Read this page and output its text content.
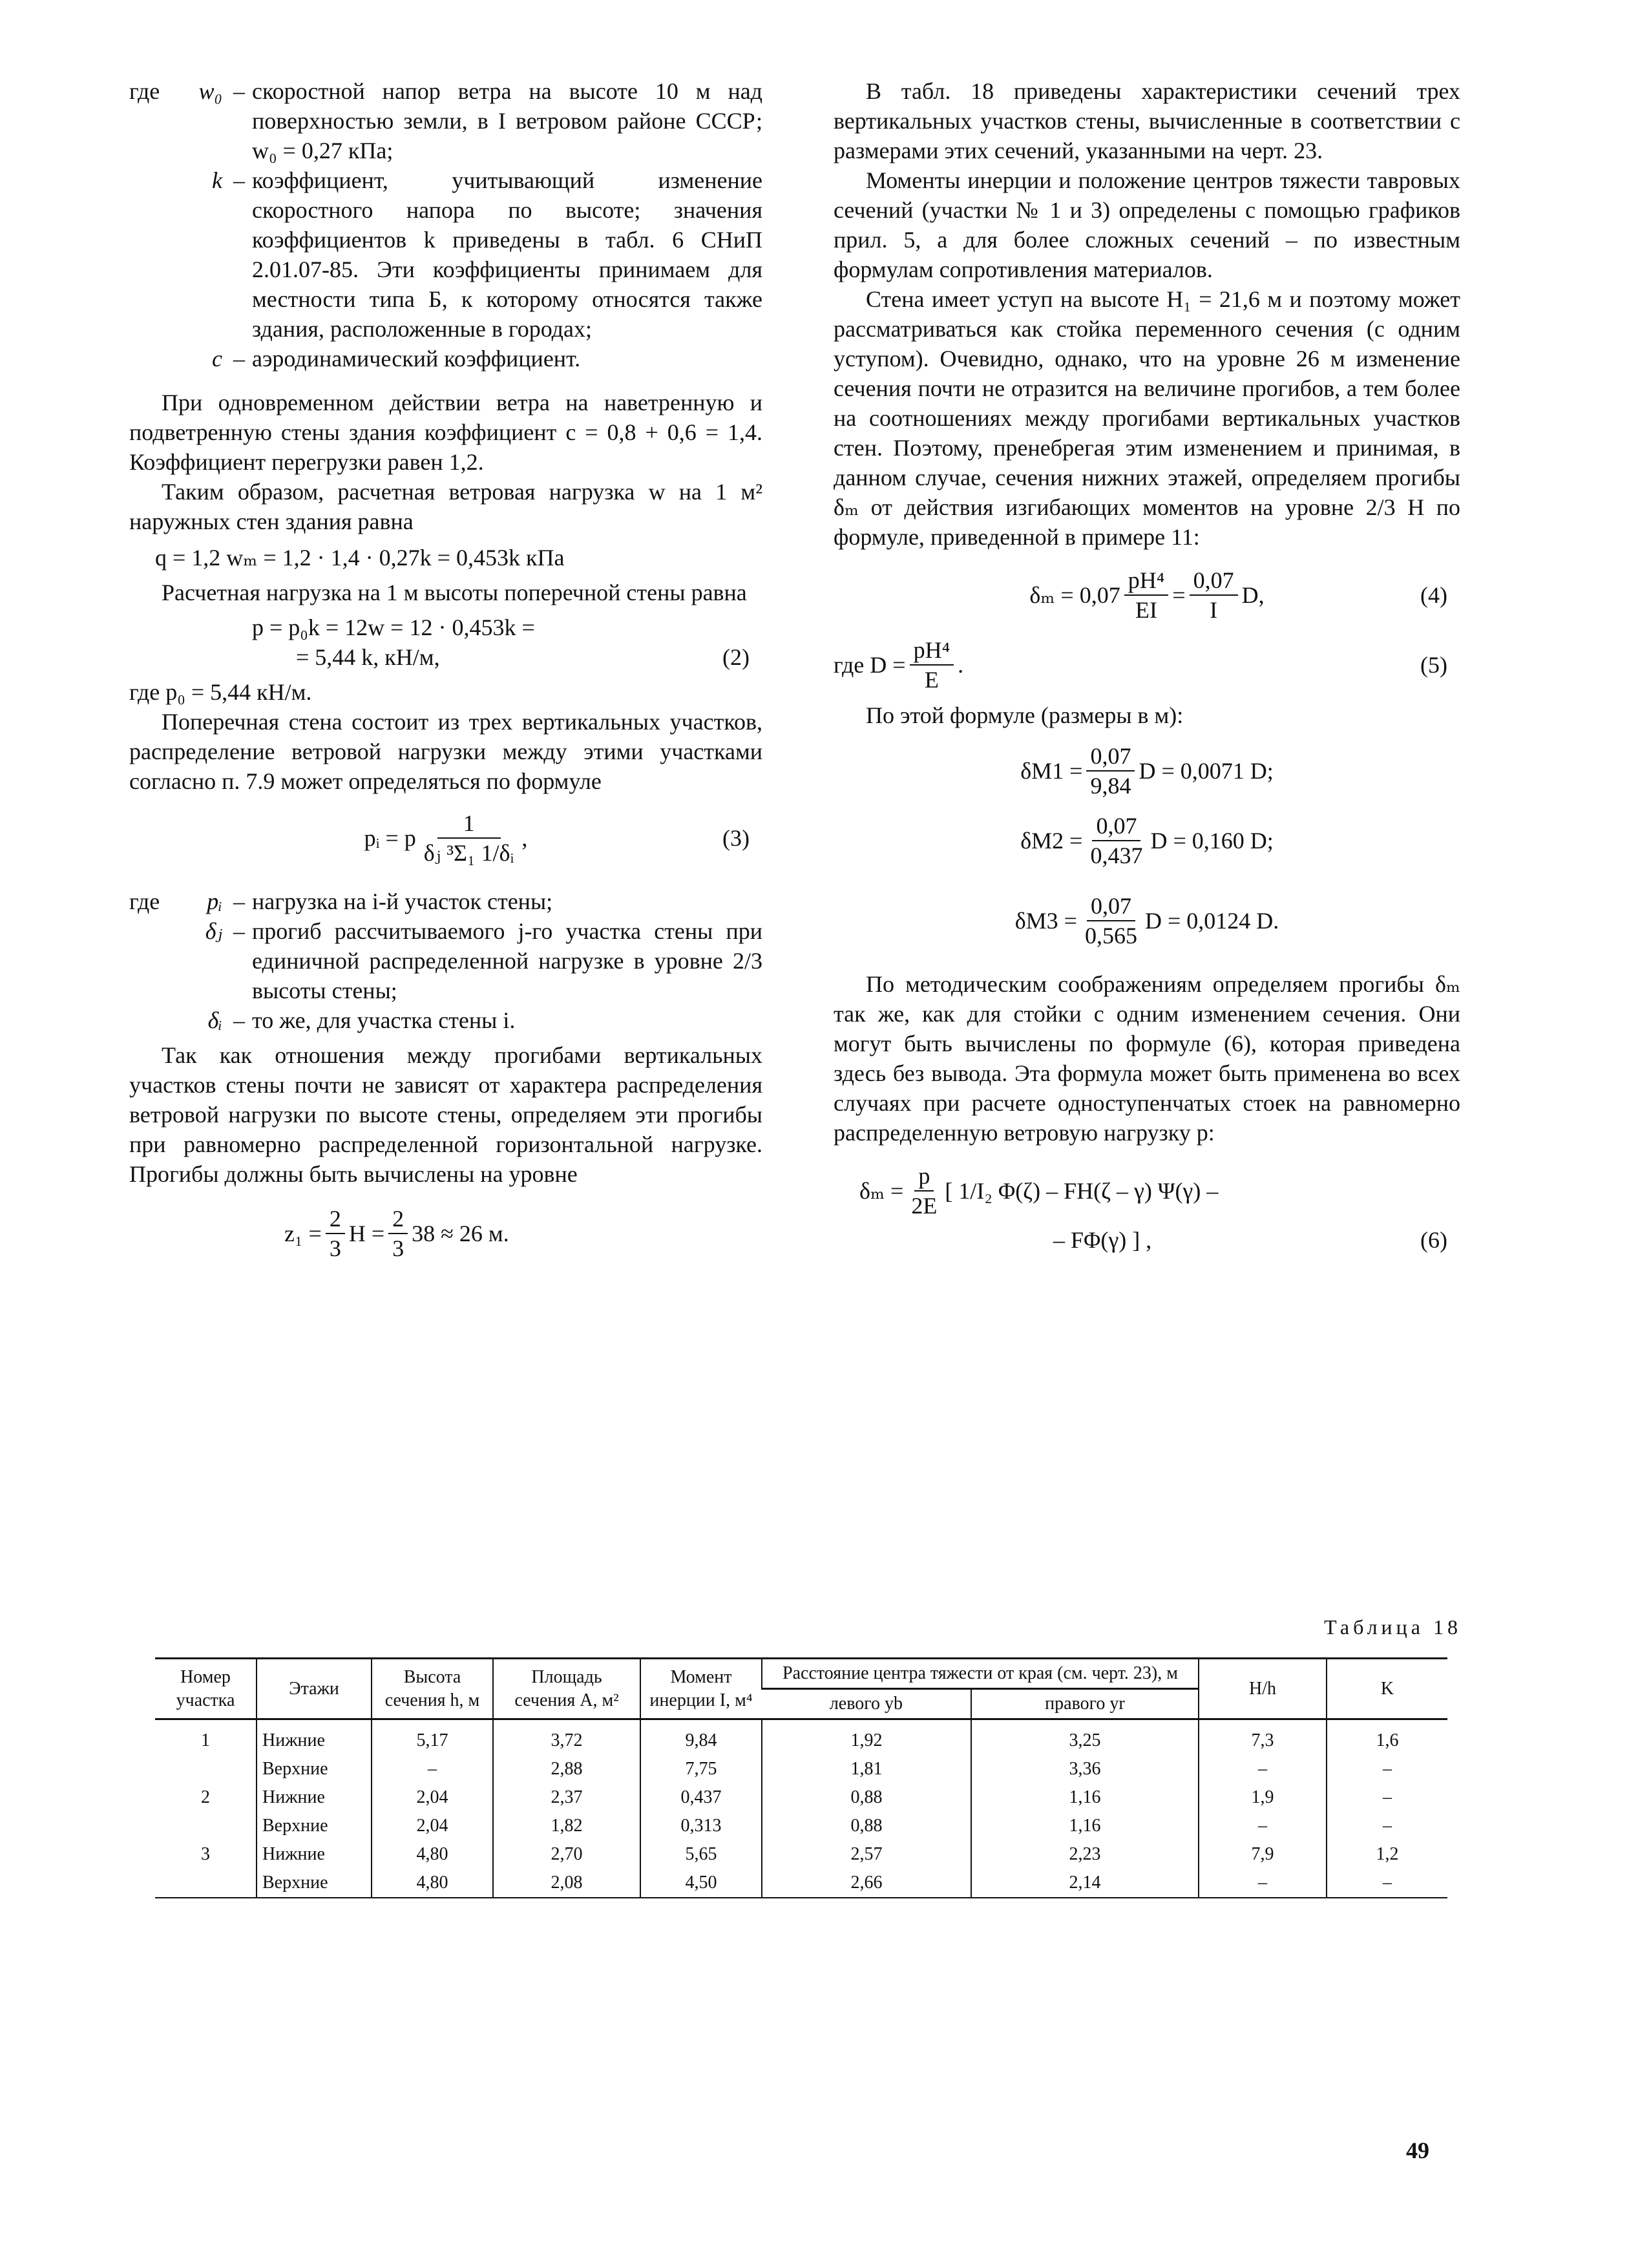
где	w₀ – скоростной напор ветра на высоте 10 м над поверхностью земли, в I ветровом районе СССР; w₀ = 0,27 кПа;
k – коэффициент, учитывающий изменение скоростного напора по высоте; значения коэффициентов k приведены в табл. 6 СНиП 2.01.07-85. Эти коэффициенты принимаем для местности типа Б, к которому относятся также здания, расположенные в городах;
c – аэродинамический коэффициент.

При одновременном действии ветра на наветренную и подветренную стены здания коэффициент c = 0,8 + 0,6 = 1,4. Коэффициент перегрузки равен 1,2.

Таким образом, расчетная ветровая нагрузка w на 1 м² наружных стен здания равна

q = 1,2 wₘ = 1,2 · 1,4 · 0,27k = 0,453k кПа

Расчетная нагрузка на 1 м высоты поперечной стены равна

p = p₀k = 12w = 12 · 0,453k =
= 5,44 k, кН/м,	(2)

где p₀ = 5,44 кН/м.

Поперечная стена состоит из трех вертикальных участков, распределение ветровой нагрузки между этими участками согласно п. 7.9 может определяться по формуле

pᵢ = p $\frac{1}{\text{δⱼ ³Σ₁ 1/δᵢ}}$ ,	(3)
где	pᵢ – нагрузка на i-й участок стены;
δⱼ – прогиб рассчитываемого j-го участка стены при единичной распределенной нагрузке в уровне 2/3 высоты стены;
δᵢ – то же, для участка стены i.

Так как отношения между прогибами вертикальных участков стены почти не зависят от характера распределения ветровой нагрузки по высоте стены, определяем эти прогибы при равномерно распределенной горизонтальной нагрузке. Прогибы должны быть вычислены на уровне

$z_1 = \frac{2}{3}$ $H = \frac{2}{3} 38 \approx 26$ м.

В табл. 18 приведены характеристики сечений трех вертикальных участков стены, вычисленные в соответствии с размерами этих сечений, указанными на черт. 23.

Моменты инерции и положение центров тяжести тавровых сечений (участки № 1 и 3) определены с помощью графиков прил. 5, а для более сложных сечений – по известным формулам сопротивления материалов.

Стена имеет уступ на высоте H₁ = 21,6 м и поэтому может рассматриваться как стойка переменного сечения (с одним уступом). Очевидно, однако, что на уровне 26 м изменение сечения почти не отразится на величине прогибов, а тем более на соотношениях между прогибами вертикальных участков стен. Поэтому, пренебрегая этим изменением и принимая, в данном случае, сечения нижних этажей, определяем прогибы δₘ от действия изгибающих моментов на уровне 2/3 H по формуле, приведенной в примере 11:

$\delta_m = 0,07 \frac{\text{pH⁴}}{EI} = \frac{0,07}{I} D$,	(4)
где $D = \frac{\text{pH⁴}}{E}$ .	(5)

По этой формуле (размеры в м):

$\delta M1 = \frac{0,07}{9,84}$ D = 0,0071 D;
$\delta M2 = \frac{0,07}{0,437}$ D = 0,160 D;
$\delta M3 = \frac{0,07}{0,565}$ D = 0,0124 D.

По методическим соображениям определяем прогибы δₘ так же, как для стойки с одним изменением сечения. Они могут быть вычислены по формуле (6), которая приведена здесь без вывода. Эта формула может быть применена во всех случаях при расчете одноступенчатых стоек на равномерно распределенную ветровую нагрузку p:

$\delta_m = \frac{p}{2E}$ [ 1/I₂ Φ(ζ) – FH(ζ – γ) Ψ(γ) –
– FΦ(γ) ] ,	(6)
Таблица 18
Номер участка	Этажи	Высота сечения h, м	Площадь сечения A, м²	Момент инерции I, м⁴	Расстояние центра тяжести от края (см. черт. 23), м		H/h	K
					левого yb	правого yr		
1	Нижние	5,17	3,72	9,84	1,92	3,25	7,3	1,6
	Верхние	–	2,88	7,75	1,81	3,36	–	–
2	Нижние	2,04	2,37	0,437	0,88	1,16	1,9	–
	Верхние	2,04	1,82	0,313	0,88	1,16	–	–
3	Нижние	4,80	2,70	5,65	2,57	2,23	7,9	1,2
	Верхние	4,80	2,08	4,50	2,66	2,14	–	–
49
